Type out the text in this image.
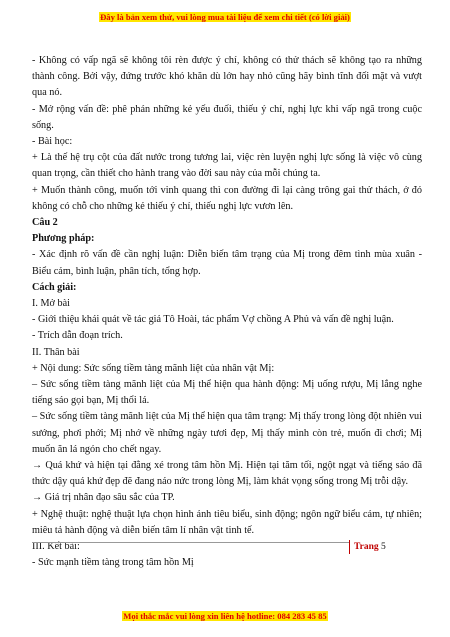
Đây là bản xem thử, vui lòng mua tài liệu để xem chi tiết (có lời giải)

- Không có vấp ngã sẽ không tôi rèn được ý chí, không có thử thách sẽ không tạo ra những thành công. Bởi vậy, đứng trước khó khăn dù lớn hay nhỏ cũng hãy bình tĩnh đối mặt và vượt qua nó.

- Mở rộng vấn đề: phê phán những kẻ yếu đuối, thiếu ý chí, nghị lực khi vấp ngã trong cuộc sống.

- Bài học:

+ Là thế hệ trụ cột của đất nước trong tương lai, việc rèn luyện nghị lực sống là việc vô cùng quan trọng, cần thiết cho hành trang vào đời sau này của mỗi chúng ta.

+ Muốn thành công, muốn tới vinh quang thì con đường đi lại càng trông gai thử thách, ở đó không có chỗ cho những kẻ thiếu ý chí, thiếu nghị lực vươn lên.

Câu 2

Phương pháp:

- Xác định rõ vấn đề cần nghị luận: Diễn biến tâm trạng của Mị trong đêm tình mùa xuân - Biểu cảm, bình luận, phân tích, tổng hợp.

Cách giải:

I. Mở bài

- Giới thiệu khái quát về tác giả Tô Hoài, tác phẩm Vợ chồng A Phủ và vấn đề nghị luận.

- Trích dẫn đoạn trích.

II. Thân bài

+ Nội dung: Sức sống tiềm tàng mãnh liệt của nhân vật Mị:

– Sức sống tiềm tàng mãnh liệt của Mị thể hiện qua hành động: Mị uống rượu, Mị lắng nghe tiếng sáo gọi bạn, Mị thổi lá.

– Sức sống tiềm tàng mãnh liệt của Mị thể hiện qua tâm trạng: Mị thấy trong lòng đột nhiên vui sướng, phơi phới; Mị nhớ về những ngày tươi đẹp, Mị thấy mình còn trẻ, muốn đi chơi; Mị muốn ăn lá ngón cho chết ngay.

→ Quá khứ và hiện tại đằng xé trong tâm hồn Mị. Hiện tại tăm tối, ngột ngạt và tiếng sáo đã thức dậy quá khứ đẹp đẽ đang náo nức trong lòng Mị, làm khát vọng sống trong Mị trỗi dậy.

→ Giá trị nhân đạo sâu sắc của TP.

+ Nghệ thuật: nghệ thuật lựa chọn hình ảnh tiêu biểu, sinh động; ngôn ngữ biểu cảm, tự nhiên; miêu tả hành động và diễn biến tâm lí nhân vật tinh tế.

III. Kết bài:

- Sức mạnh tiềm tàng trong tâm hồn Mị

Trang 5
Mọi thắc mắc vui lòng xin liên hệ hotline: 084 283 45 85
